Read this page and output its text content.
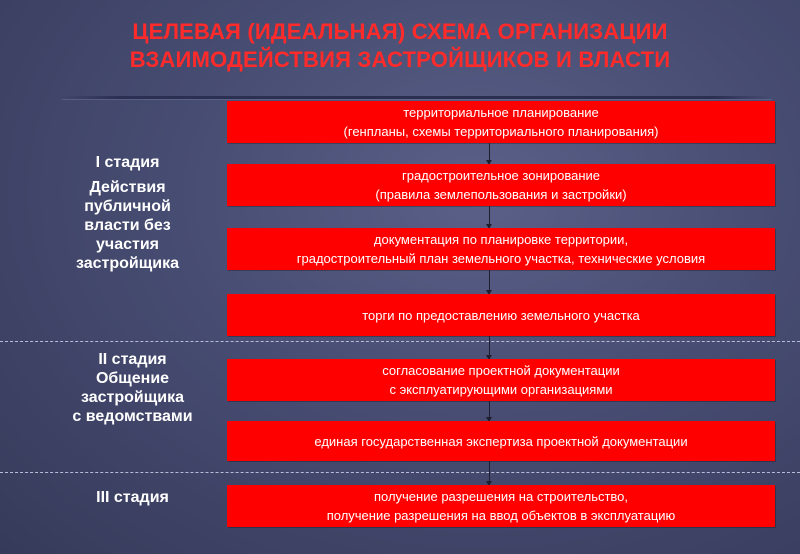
ЦЕЛЕВАЯ (ИДЕАЛЬНАЯ) СХЕМА ОРГАНИЗАЦИИ
ВЗАИМОДЕЙСТВИЯ ЗАСТРОЙЩИКОВ И ВЛАСТИ
I стадия
Действия
публичной
власти без
участия
застройщика
II стадия
Общение
застройщика
с ведомствами
III стадия
территориальное планирование
(генпланы, схемы территориального планирования)
градостроительное зонирование
(правила землепользования и застройки)
документация по планировке территории,
градостроительный план земельного участка, технические условия
торги по предоставлению земельного участка
согласование проектной документации
с эксплуатирующими организациями
единая государственная экспертиза проектной документации
получение разрешения на строительство,
получение разрешения на ввод объектов в эксплуатацию
